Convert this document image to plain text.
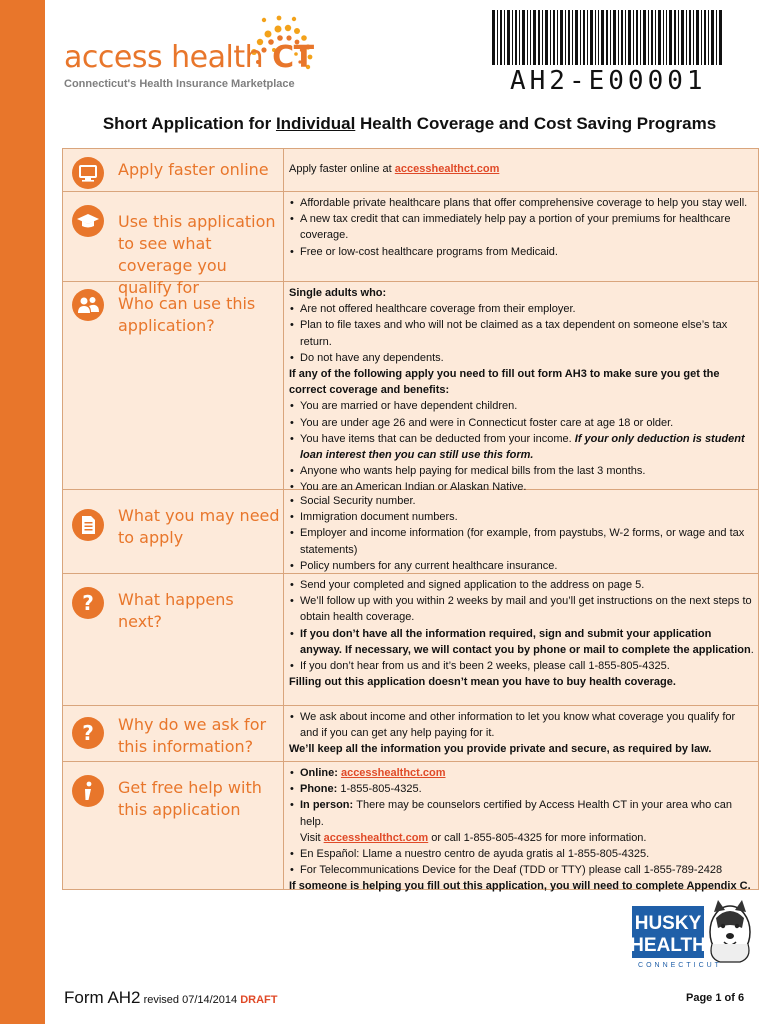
access health CT
Connecticut's Health Insurance Marketplace	AH2-E00001
Short Application for Individual Health Coverage and Cost Saving Programs
Apply faster online	Apply faster online at accesshealthct.com
Use this application to see what coverage you qualify for
• Affordable private healthcare plans that offer comprehensive coverage to help you stay well.
• A new tax credit that can immediately help pay a portion of your premiums for healthcare coverage.
• Free or low-cost healthcare programs from Medicaid.
Who can use this application?

Single adults who:

• Are not offered healthcare coverage from their employer.
• Plan to file taxes and who will not be claimed as a tax dependent on someone else’s tax return.
• Do not have any dependents.

If any of the following apply you need to fill out form AH3 to make sure you get the correct coverage and benefits:

• You are married or have dependent children.
• You are under age 26 and were in Connecticut foster care at age 18 or older.
• You have items that can be deducted from your income. If your only deduction is student loan interest then you can still use this form.
• Anyone who wants help paying for medical bills from the last 3 months.
• You are an American Indian or Alaskan Native.
What you may need to apply
• Social Security number.
• Immigration document numbers.
• Employer and income information (for example, from paystubs, W-2 forms, or wage and tax statements)
• Policy numbers for any current healthcare insurance.
? What happens next?
• Send your completed and signed application to the address on page 5.
• We’ll follow up with you within 2 weeks by mail and you’ll get instructions on the next steps to obtain health coverage.
• If you don’t have all the information required, sign and submit your application anyway. If necessary, we will contact you by phone or mail to complete the application.
• If you don’t hear from us and it’s been 2 weeks, please call 1-855-805-4325.

Filling out this application doesn’t mean you have to buy health coverage.

? Why do we ask for this information?
• We ask about income and other information to let you know what coverage you qualify for and if you can get any help paying for it.

We’ll keep all the information you provide private and secure, as required by law.

Get free help with this application
• Online: accesshealthct.com
• Phone: 1-855-805-4325.
• In person: There may be counselors certified by Access Health CT in your area who can help.
Visit accesshealthct.com or call 1-855-805-4325 for more information.
• En Español: Llame a nuestro centro de ayuda gratis al 1-855-805-4325.
• For Telecommunications Device for the Deaf (TDD or TTY) please call 1-855-789-2428

If someone is helping you fill out this application, you will need to complete Appendix C.

HUSKY
HEALTH
CONNECTICUT
Form AH2 revised 07/14/2014 DRAFT	Page 1 of 6
